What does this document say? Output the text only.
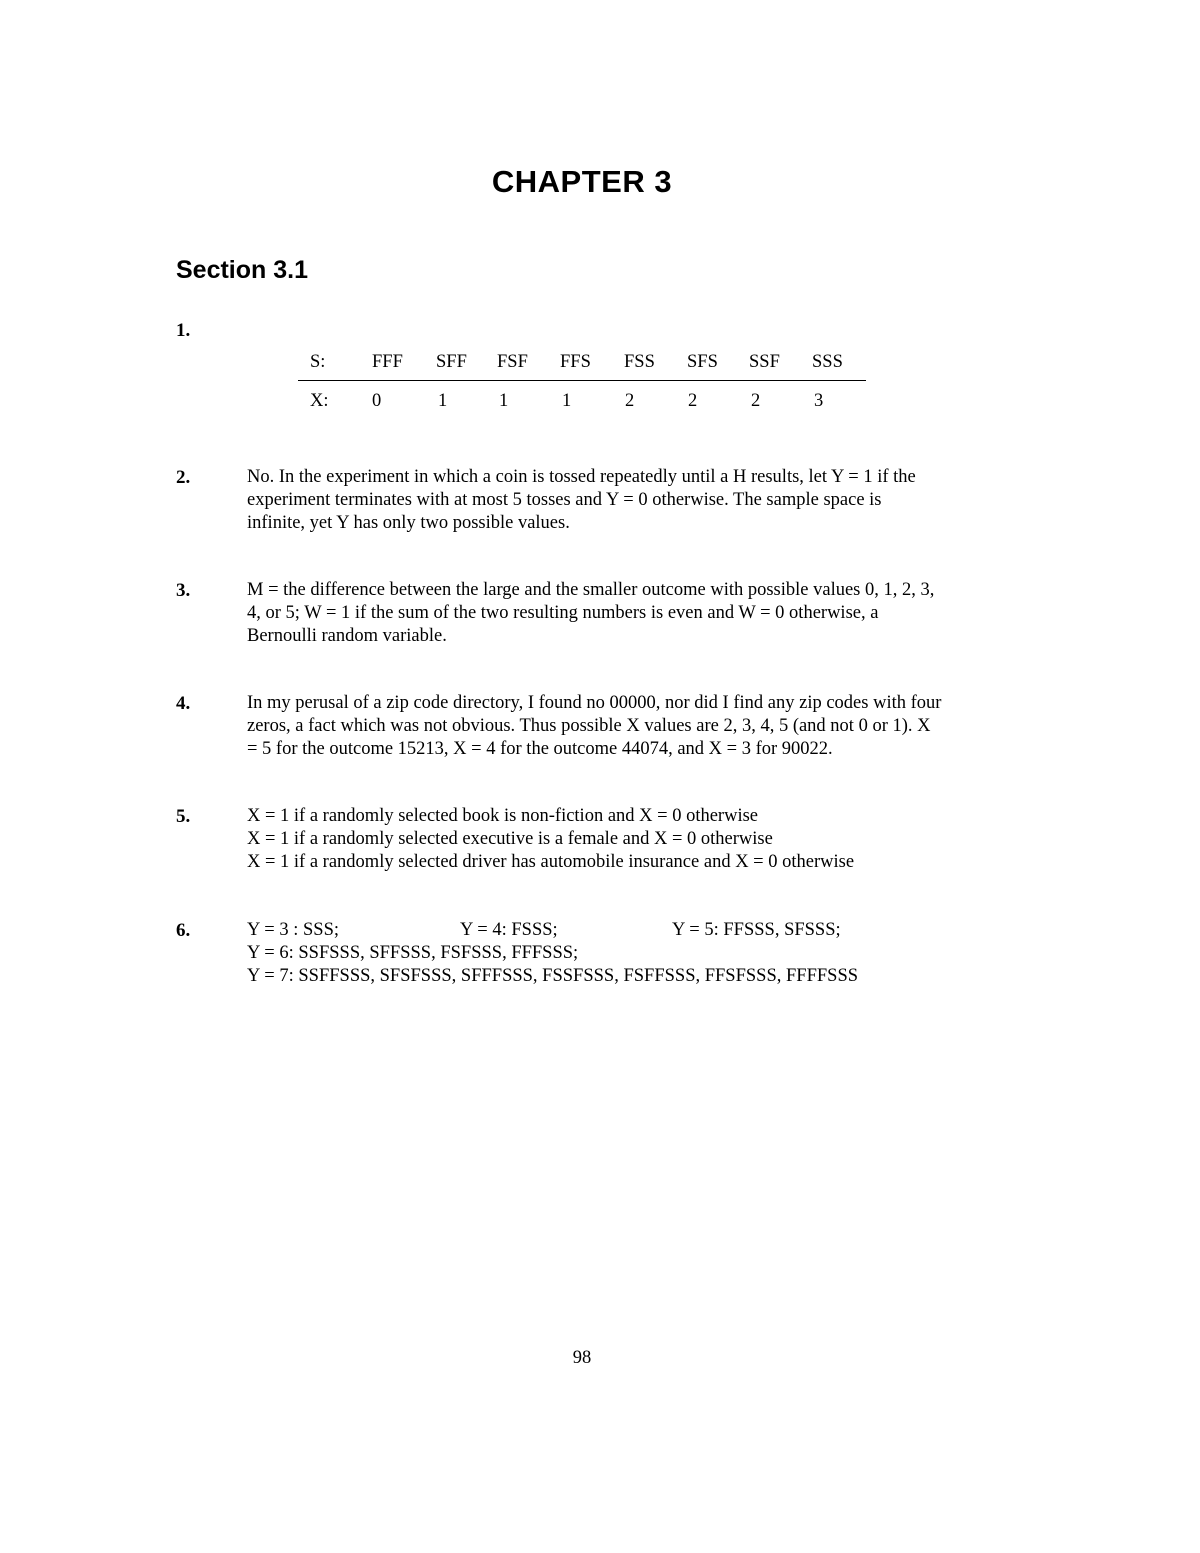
CHAPTER 3
Section 3.1
1.
S:	FFF SFF FSF FFS FSS SFS SSF SSS
X: 0	1	1	1	2	2	2	3
2.	No. In the experiment in which a coin is tossed repeatedly until a H results, let Y = 1 if the
experiment terminates with at most 5 tosses and Y = 0 otherwise. The sample space is
infinite, yet Y has only two possible values.
3.	M = the difference between the large and the smaller outcome with possible values 0, 1, 2, 3,
4, or 5; W = 1 if the sum of the two resulting numbers is even and W = 0 otherwise, a
Bernoulli random variable.
4.	In my perusal of a zip code directory, I found no 00000, nor did I find any zip codes with four
zeros, a fact which was not obvious. Thus possible X values are 2, 3, 4, 5 (and not 0 or 1). X
= 5 for the outcome 15213, X = 4 for the outcome 44074, and X = 3 for 90022.
5.	X = 1 if a randomly selected book is non-fiction and X = 0 otherwise
X = 1 if a randomly selected executive is a female and X = 0 otherwise
X = 1 if a randomly selected driver has automobile insurance and X = 0 otherwise
6.	Y = 3 : SSS;	Y = 4: FSSS;	Y = 5: FFSSS, SFSSS;
Y = 6: SSFSSS, SFFSSS, FSFSSS, FFFSSS;
Y = 7: SSFFSSS, SFSFSSS, SFFFSSS, FSSFSSS, FSFFSSS, FFSFSSS, FFFFSSS
98
